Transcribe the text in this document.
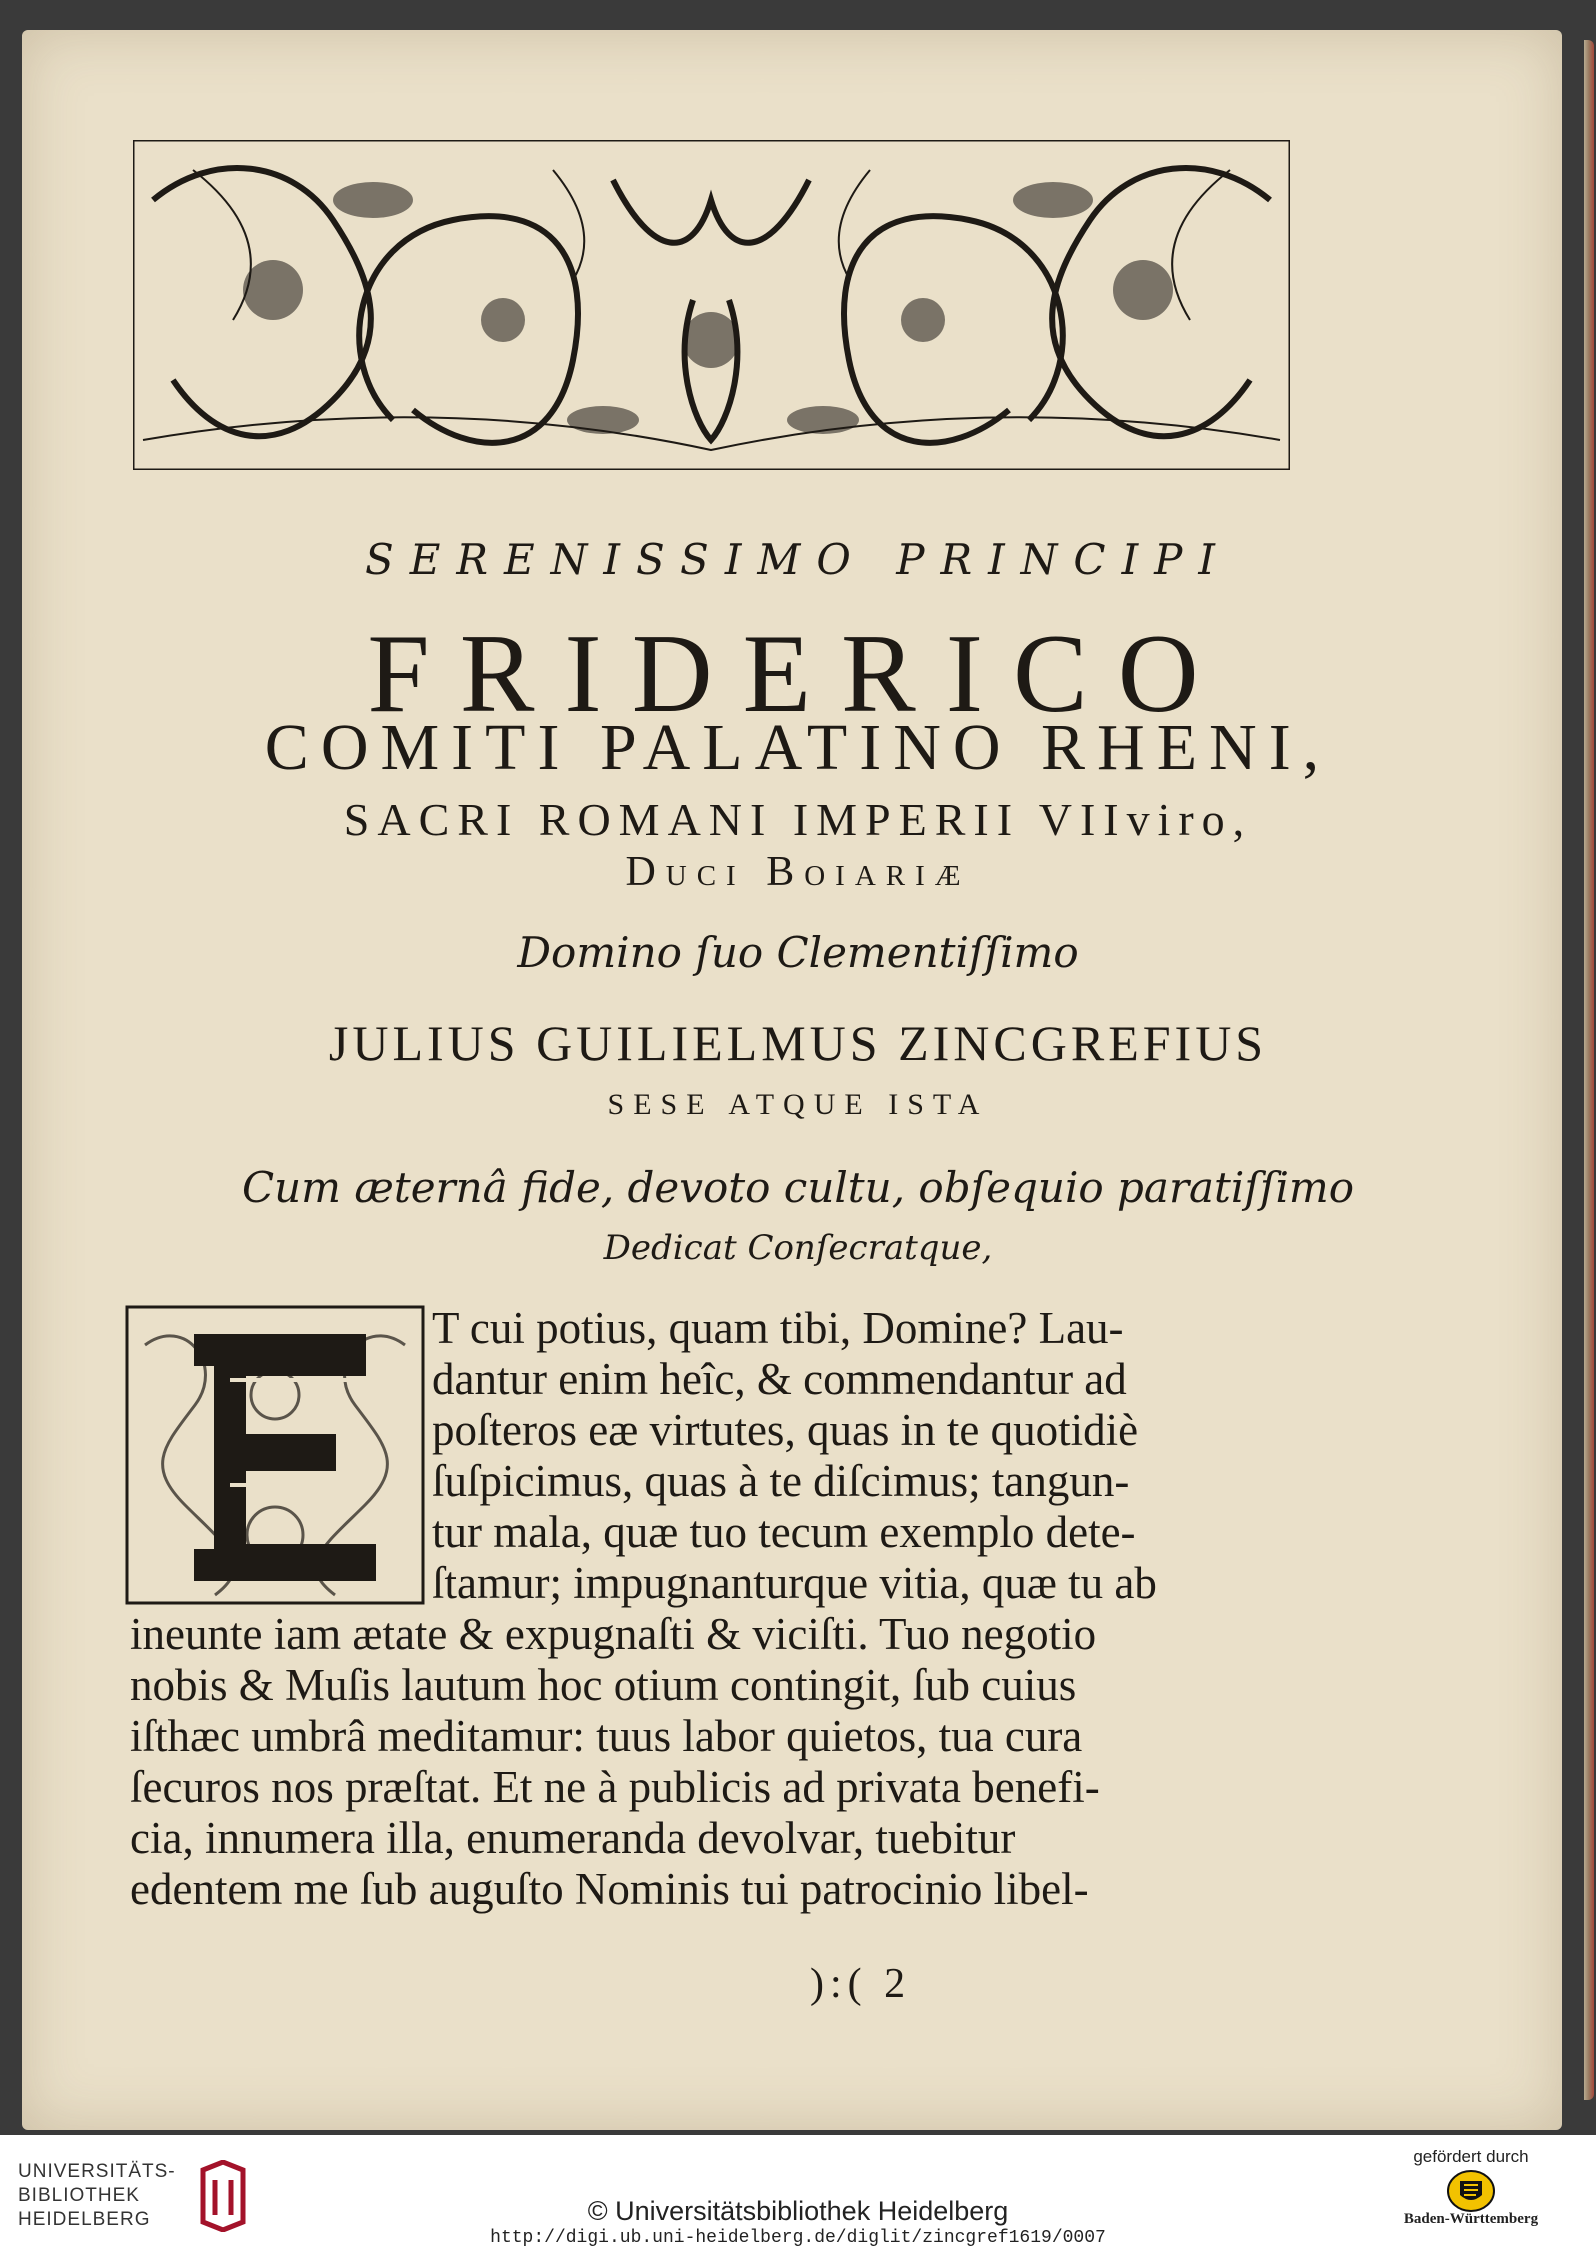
SERENISSIMO PRINCIPI
FRIDERICO
COMITI PALATINO RHENI,
SACRI ROMANI IMPERII VIIviro,
Duci Boiariæ
Domino ſuo Clementiſſimo
JULIUS GUILIELMUS ZINCGREFIUS
SESE ATQUE ISTA
Cum æternâ fide, devoto cultu, obſequio paratiſſimo
Dedicat Conſecratque,
T cui potius, quam tibi, Domine? Lau-
dantur enim heîc, & commendantur ad
poſteros eæ virtutes, quas in te quotidiè
ſuſpicimus, quas à te diſcimus; tangun-
tur mala, quæ tuo tecum exemplo dete-
ſtamur; impugnanturque vitia, quæ tu ab
ineunte iam ætate & expugnaſti & viciſti. Tuo negotio
nobis & Muſis lautum hoc otium contingit, ſub cuius
iſthæc umbrâ meditamur: tuus labor quietos, tua cura
ſecuros nos præſtat. Et ne à publicis ad privata benefi-
cia, innumera illa, enumeranda devolvar, tuebitur
edentem me ſub auguſto Nominis tui patrocinio libel-
):( 2
UNIVERSITÄTS-
BIBLIOTHEK
HEIDELBERG	© Universitätsbibliothek Heidelberg
http://digi.ub.uni-heidelberg.de/diglit/zincgref1619/0007
gefördert durch
Baden-Württemberg
